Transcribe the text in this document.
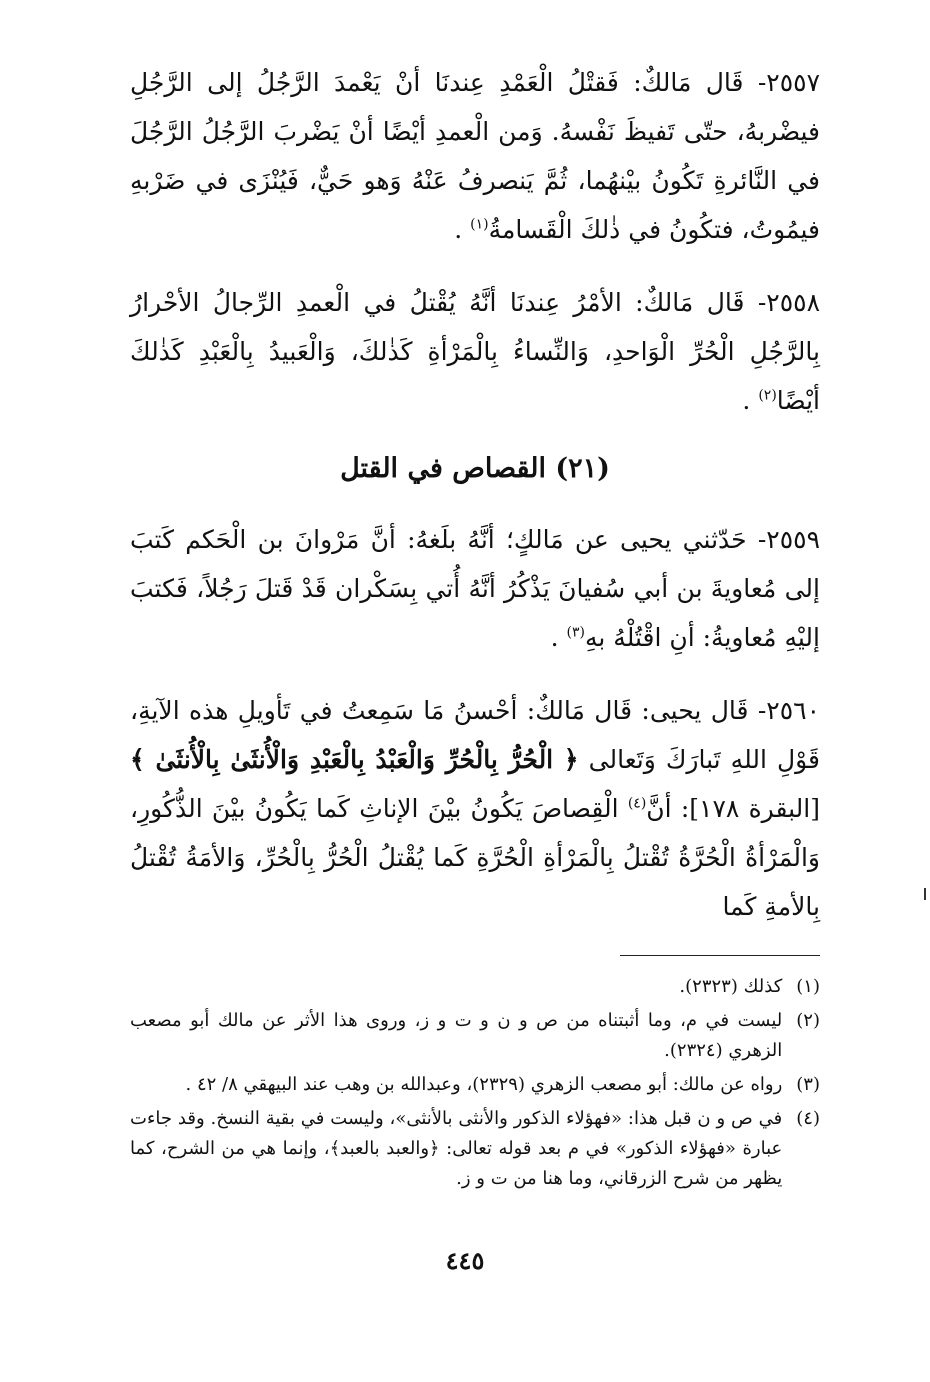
٢٥٥٧- قَال مَالكٌ: فَقتْلُ الْعَمْدِ عِندنَا أنْ يَعْمدَ الرَّجُلُ إلى الرَّجُلِ فيضْربهُ، حتّى تَفيظَ نَفْسهُ. وَمن الْعمدِ أيْضًا أنْ يَضْربَ الرَّجُلُ الرَّجُلَ في النَّائرةِ تَكُونُ بيْنهُما، ثُمَّ يَنصرفُ عَنْهُ وَهو حَيٌّ، فَيُنْزَى في ضَرْبهِ فيمُوتُ، فتكُونُ في ذٰلكَ الْقَسامةُ$^{(١)}$ .

٢٥٥٨- قَال مَالكٌ: الأمْرُ عِندنَا أنَّهُ يُقْتلُ في الْعمدِ الرِّجالُ الأحْرارُ بِالرَّجُلِ الْحُرِّ الْوَاحدِ، وَالنِّساءُ بِالْمَرْأةِ كَذٰلكَ، وَالْعَبيدُ بِالْعَبْدِ كَذٰلكَ أيْضًا$^{(٢)}$ .

(٢١) القصاص في القتل

٢٥٥٩- حَدّثني يحيى عن مَالكٍ؛ أنَّهُ بلَغهُ: أنَّ مَرْوانَ بن الْحَكم كَتبَ إلى مُعاويةَ بن أبي سُفيانَ يَذْكُرُ أنَّهُ أُتي بِسَكْران قَدْ قَتلَ رَجُلاً، فَكتبَ إليْهِ مُعاويةُ: أنِ اقْتُلْهُ بهِ$^{(٣)}$ .

٢٥٦٠- قَال يحيى: قَال مَالكٌ: أحْسنُ مَا سَمِعتُ في تَأويلِ هذه الآيةِ، قَوْلِ اللهِ تَبارَكَ وَتَعالى ﴿ الْحُرُّ بِالْحُرِّ وَالْعَبْدُ بِالْعَبْدِ وَالْأُنثَىٰ بِالْأُنثَىٰ ﴾ [البقرة ١٧٨]: أنَّ$^{(٤)}$ الْقِصاصَ يَكُونُ بيْنَ الإناثِ كَما يَكُونُ بيْنَ الذُّكُورِ، وَالْمَرْأةُ الْحُرَّةُ تُقْتلُ بِالْمَرْأةِ الْحُرَّةِ كَما يُقْتلُ الْحُرُّ بِالْحُرِّ، وَالأمَةُ تُقْتلُ بِالأمةِ كَما

(١)
كذلك (٢٣٢٣).
(٢)
ليست في م، وما أثبتناه من ص و ن و ت و ز، وروى هذا الأثر عن مالك أبو مصعب الزهري (٢٣٢٤).
(٣)
رواه عن مالك: أبو مصعب الزهري (٢٣٢٩)، وعبدالله بن وهب عند البيهقي ٨/ ٤٢ .
(٤)
في ص و ن قبل هذا: «فهؤلاء الذكور والأنثى بالأنثى»، وليست في بقية النسخ. وقد جاءت عبارة «فهؤلاء الذكور» في م بعد قوله تعالى: ﴿والعبد بالعبد﴾، وإنما هي من الشرح، كما يظهر من شرح الزرقاني، وما هنا من ت و ز.
٤٤٥
